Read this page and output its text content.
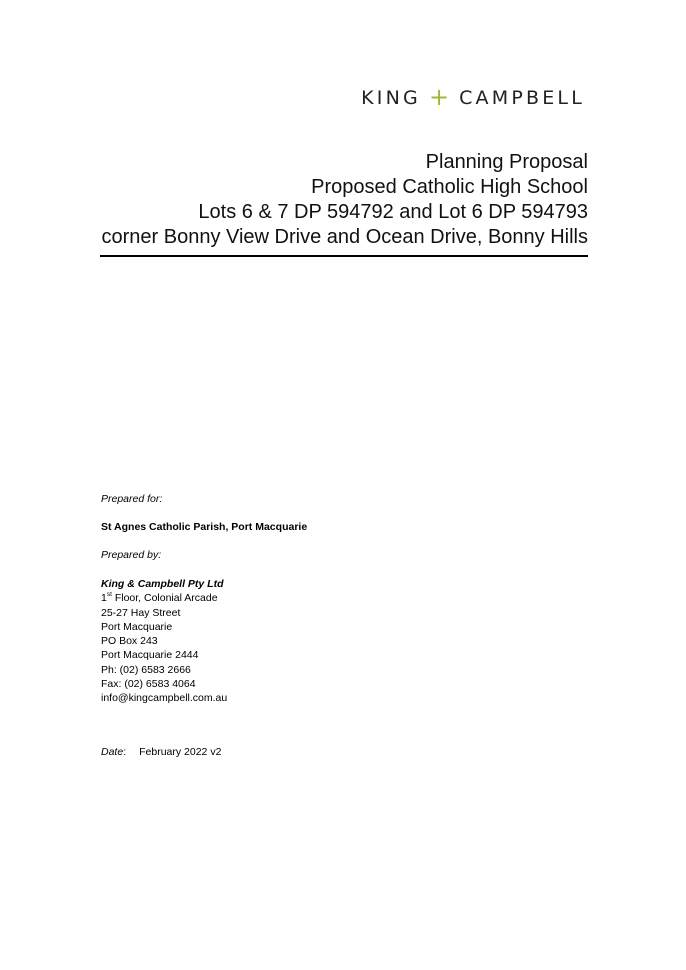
KING + CAMPBELL
Planning Proposal
Proposed Catholic High School
Lots 6 & 7 DP 594792 and Lot 6 DP 594793
corner Bonny View Drive and Ocean Drive, Bonny Hills
Prepared for:
St Agnes Catholic Parish, Port Macquarie
Prepared by:
King & Campbell Pty Ltd
1st Floor, Colonial Arcade
25-27 Hay Street
Port Macquarie
PO Box 243
Port Macquarie 2444
Ph: (02) 6583 2666
Fax: (02) 6583 4064
info@kingcampbell.com.au
Date: February 2022 v2
